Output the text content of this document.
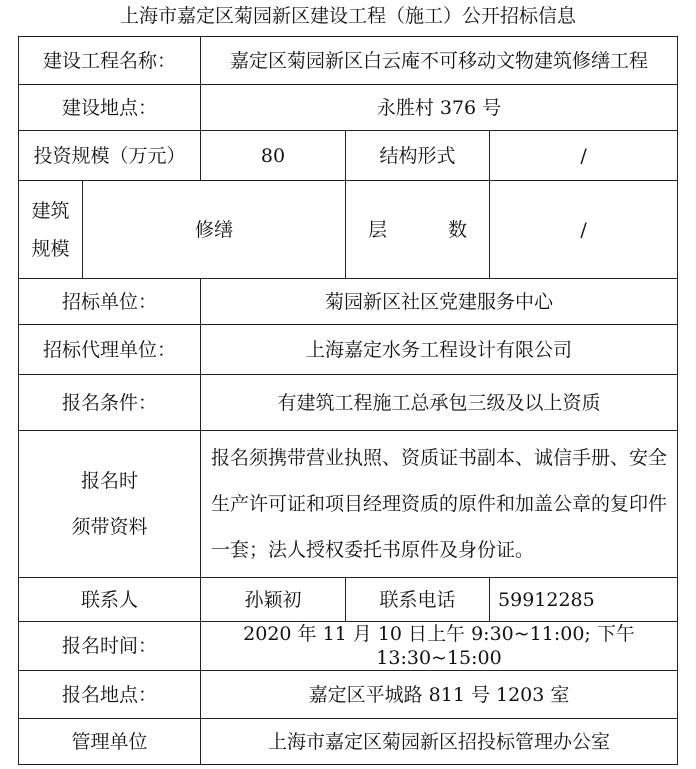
上海市嘉定区菊园新区建设工程（施工）公开招标信息
建设工程名称：		嘉定区菊园新区白云庵不可移动文物建筑修缮工程		
建设地点：		永胜村 376 号		
投资规模（万元）		80	结构形式	/

建筑
规模	修缮		层 数	/
招标单位：		菊园新区社区党建服务中心		
招标代理单位：		上海嘉定水务工程设计有限公司		
报名条件：		有建筑工程施工总承包三级及以上资质		

报名时
须带资料		报名须携带营业执照、资质证书副本、诚信手册、安全生产许可证和项目经理资质的原件和加盖公章的复印件一套；法人授权委托书原件及身份证。		
联系人		孙颖初	联系电话	59912285
报名时间：		2020 年 11 月 10 日上午 9:30~11:00; 下午 13:30~15:00		
报名地点：		嘉定区平城路 811 号 1203 室		
管理单位		上海市嘉定区菊园新区招投标管理办公室		
